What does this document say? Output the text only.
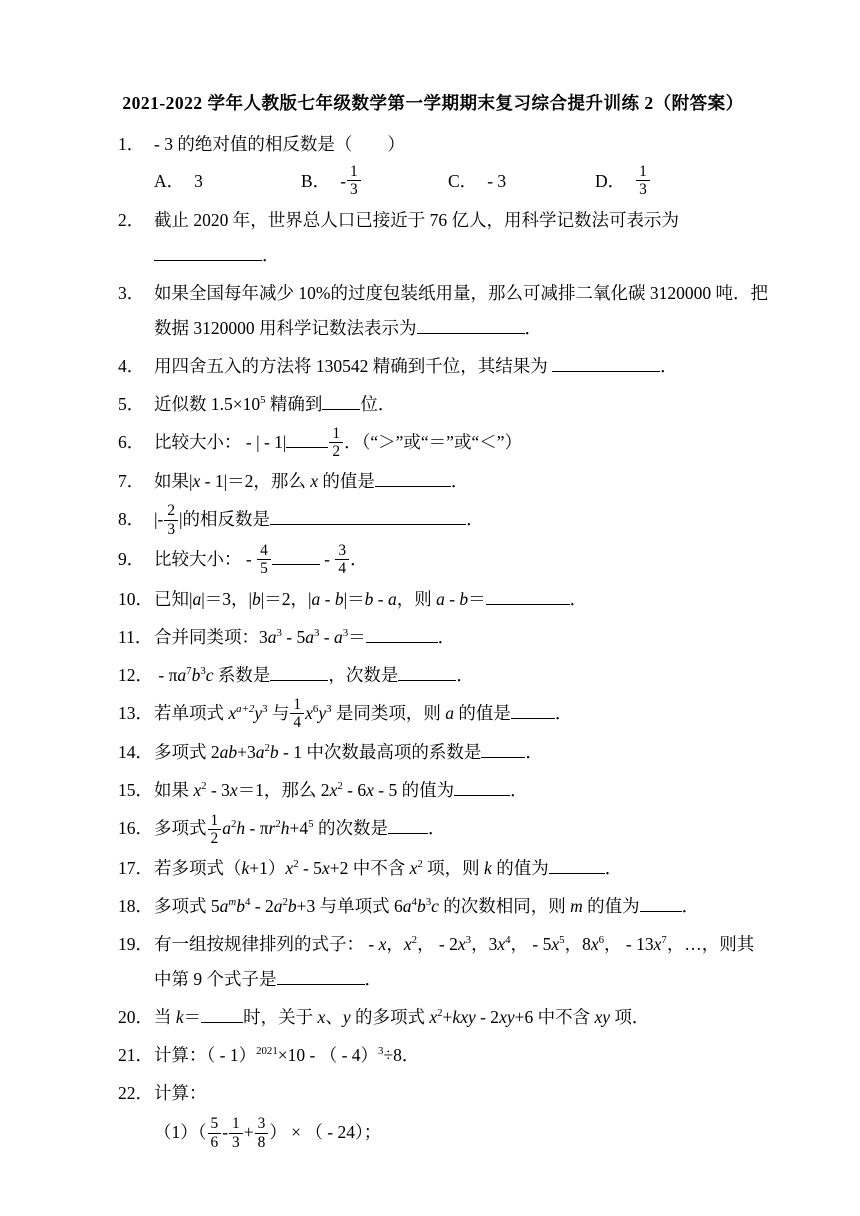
2021-2022 学年人教版七年级数学第一学期期末复习综合提升训练 2（附答案）
1． - 3 的绝对值的相反数是（　　）
A． 3	B． - $\frac{1}{3}$	C． - 3	D． $\frac{1}{3}$
2． 截止 2020 年，世界总人口已接近于 76 亿人，用科学记数法可表示为．
3． 如果全国每年减少 10%的过度包装纸用量，那么可减排二氧化碳 3120000 吨．把数据 3120000 用科学记数法表示为	．
4． 用四舍五入的方法将 130542 精确到千位，其结果为	．
5． 近似数 $1.5\times 10^5$ 精确到 位．
6． 比较大小： - | - 1|	$\frac{1}{2}$ ．（“＞”或“＝”或“＜”）
7． 如果|x - 1|＝2，那么 x 的值是	．
8． |- $\frac{2}{3}$ |的相反数是	．
9． 比较大小： - $\frac{4}{5}$	- $\frac{3}{4}$ ．
10． 已知|a|＝3，|b|＝2，|a - b|＝b - a，则 a - b＝	．
11． 合并同类项：$3a^3 - 5a^3 - a^3=$	．
12． - $\pi a^7b^3c$ 系数是	，次数是	．
13． 若单项式 $x^{a+2}y^3$ 与 $\frac{1}{4} x^6y^3$ 是同类项，则 a 的值是	．
14． 多项式 $2ab+3a^2b - 1$ 中次数最高项的系数是	．
15． 如果 $x^2 - 3x=1$，那么 $2x^2 - 6x - 5$ 的值为	．
16． 多项式 $\frac{1}{2} a^2h - \pi r^2h+4^5$ 的次数是 ．
17． 若多项式$(k+1)x^2 - 5x+2$ 中不含 $x^2$ 项，则 k 的值为	．
18． 多项式 $5a^mb^4 - 2a^2b+3$ 与单项式 $6a^4b^3c$ 的次数相同，则 m 的值为 ．
19． 有一组按规律排列的式子： - x，$x^2$， - $2x^3$，$3x^4$， - $5x^5$，$8x^6$， - $13x^7$，…，则其中第 9 个式子是	．
20． 当 k＝ 时，关于 x、y 的多项式 $x^2+kxy - 2xy+6$ 中不含 xy 项．
21． 计算：（ - 1）$^{2021}$×10 - （ - 4）$^3$÷8．
22． 计算：
$(1)( \frac{5}{6} - \frac{1}{3} + \frac{3}{8}$ ） × （ - 24）；
